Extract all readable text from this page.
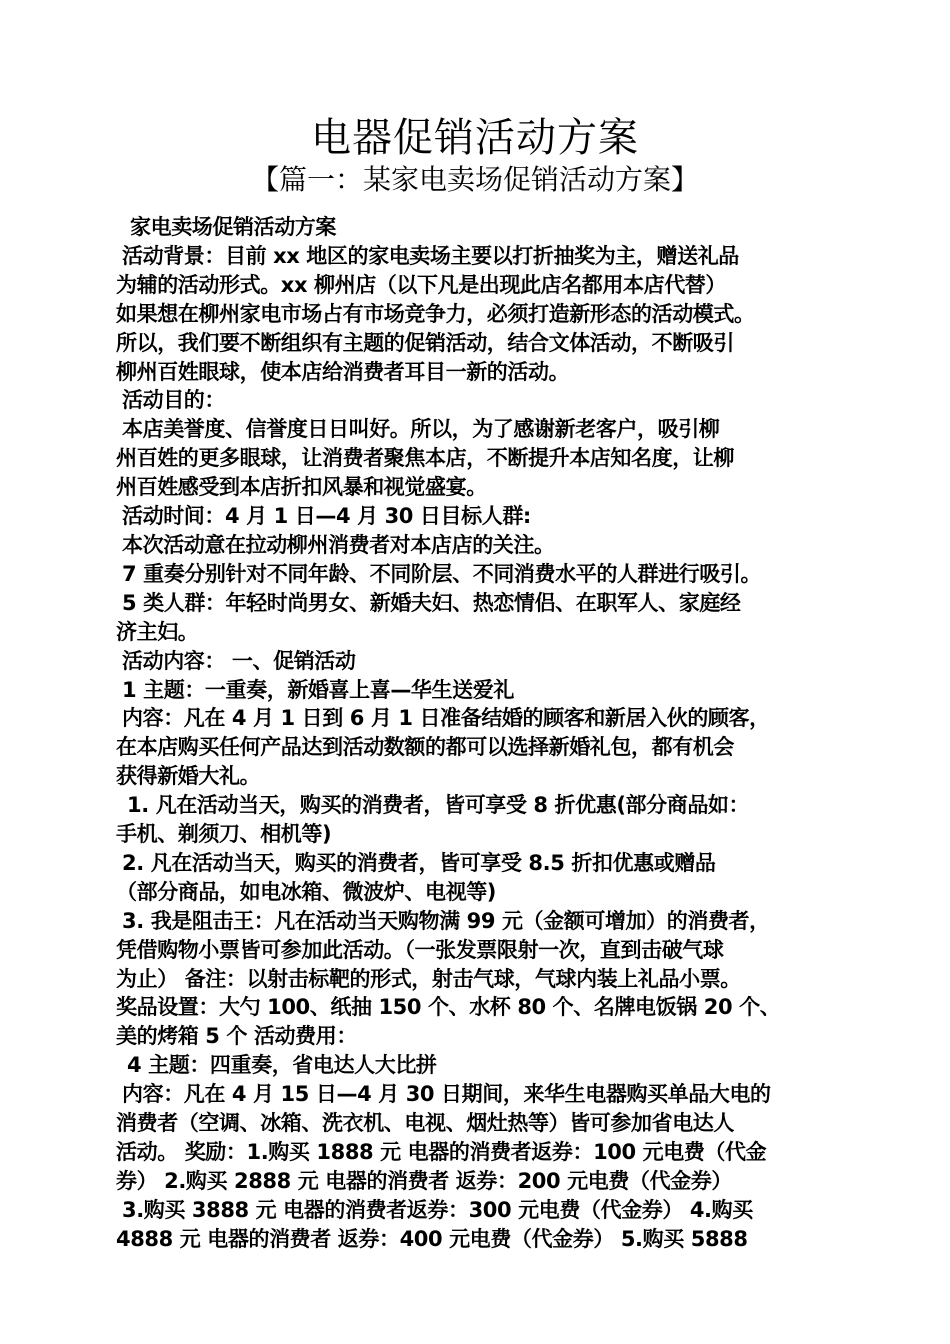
电器促销活动方案
【篇一：某家电卖场促销活动方案】
家电卖场促销活动方案
活动背景：目前 xx 地区的家电卖场主要以打折抽奖为主，赠送礼品
为辅的活动形式。xx 柳州店（以下凡是出现此店名都用本店代替）
如果想在柳州家电市场占有市场竞争力，必须打造新形态的活动模式。
所以，我们要不断组织有主题的促销活动，结合文体活动，不断吸引
柳州百姓眼球，使本店给消费者耳目一新的活动。
活动目的：
本店美誉度、信誉度日日叫好。所以，为了感谢新老客户，吸引柳
州百姓的更多眼球，让消费者聚焦本店，不断提升本店知名度，让柳
州百姓感受到本店折扣风暴和视觉盛宴。
活动时间：4 月 1 日—4 月 30 日目标人群:
本次活动意在拉动柳州消费者对本店店的关注。
7 重奏分别针对不同年龄、不同阶层、不同消费水平的人群进行吸引。
5 类人群：年轻时尚男女、新婚夫妇、热恋情侣、在职军人、家庭经
济主妇。
活动内容： 一、促销活动
1 主题：一重奏，新婚喜上喜—华生送爱礼
内容：凡在 4 月 1 日到 6 月 1 日准备结婚的顾客和新居入伙的顾客，
在本店购买任何产品达到活动数额的都可以选择新婚礼包，都有机会
获得新婚大礼。
1. 凡在活动当天，购买的消费者，皆可享受 8 折优惠(部分商品如：
手机、剃须刀、相机等)
2. 凡在活动当天，购买的消费者，皆可享受 8.5 折扣优惠或赠品
（部分商品，如电冰箱、微波炉、电视等)
3. 我是阻击王：凡在活动当天购物满 99 元（金额可增加）的消费者，
凭借购物小票皆可参加此活动。（一张发票限射一次，直到击破气球
为止） 备注：以射击标靶的形式，射击气球，气球内装上礼品小票。
奖品设置：大勺 100、纸抽 150 个、水杯 80 个、名牌电饭锅 20 个、
美的烤箱 5 个 活动费用：
4 主题：四重奏，省电达人大比拼
内容：凡在 4 月 15 日—4 月 30 日期间，来华生电器购买单品大电的
消费者（空调、冰箱、洗衣机、电视、烟灶热等）皆可参加省电达人
活动。 奖励：1.购买 1888 元 电器的消费者返券：100 元电费（代金
券） 2.购买 2888 元 电器的消费者 返券：200 元电费（代金券）
3.购买 3888 元 电器的消费者返券：300 元电费（代金券） 4.购买
4888 元 电器的消费者 返券：400 元电费（代金券） 5.购买 5888
